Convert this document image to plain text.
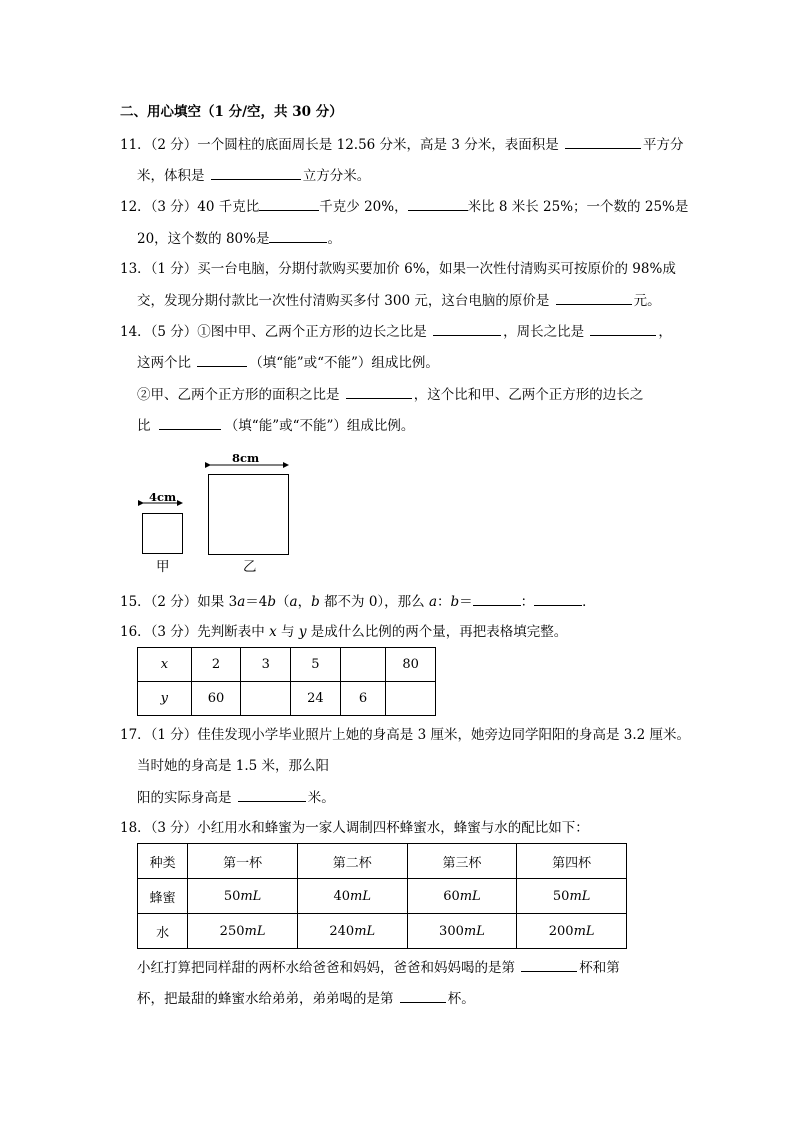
二、用心填空（1 分/空，共 30 分）
11．（2 分）一个圆柱的底面周长是 12.56 分米，高是 3 分米，表面积是	平方分
米，体积是	立方分米。
12．（3 分）40 千克比	千克少 20%，	米比 8 米长 25%；一个数的 25%是
20，这个数的 80%是	。
13．（1 分）买一台电脑，分期付款购买要加价 6%，如果一次性付清购买可按原价的 98%成
交，发现分期付款比一次性付清购买多付 300 元，这台电脑的原价是	元。
14．（5 分）①图中甲、乙两个正方形的边长之比是	，周长之比是	，
这两个比	（填“能”或“不能”）组成比例。
②甲、乙两个正方形的面积之比是	，这个比和甲、乙两个正方形的边长之
比	（填“能”或“不能”）组成比例。
8cm
4cm
甲	乙
15．（2 分）如果 3a＝4b（a，b 都不为 0），那么 a：b＝	：	．
16．（3 分）先判断表中 x 与 y 是成什么比例的两个量，再把表格填完整。
x	2	3	5		80
y	60		24	6	
17．（1 分）佳佳发现小学毕业照片上她的身高是 3 厘米，她旁边同学阳阳的身高是 3.2 厘米。
当时她的身高是 1.5 米，那么阳
阳的实际身高是	米。
18．（3 分）小红用水和蜂蜜为一家人调制四杯蜂蜜水，蜂蜜与水的配比如下：
种类	第一杯	第二杯	第三杯	第四杯
蜂蜜	50mL	40mL	60mL	50mL
水	250mL	240mL	300mL	200mL
小红打算把同样甜的两杯水给爸爸和妈妈，爸爸和妈妈喝的是第	杯和第
杯，把最甜的蜂蜜水给弟弟，弟弟喝的是第	杯。
